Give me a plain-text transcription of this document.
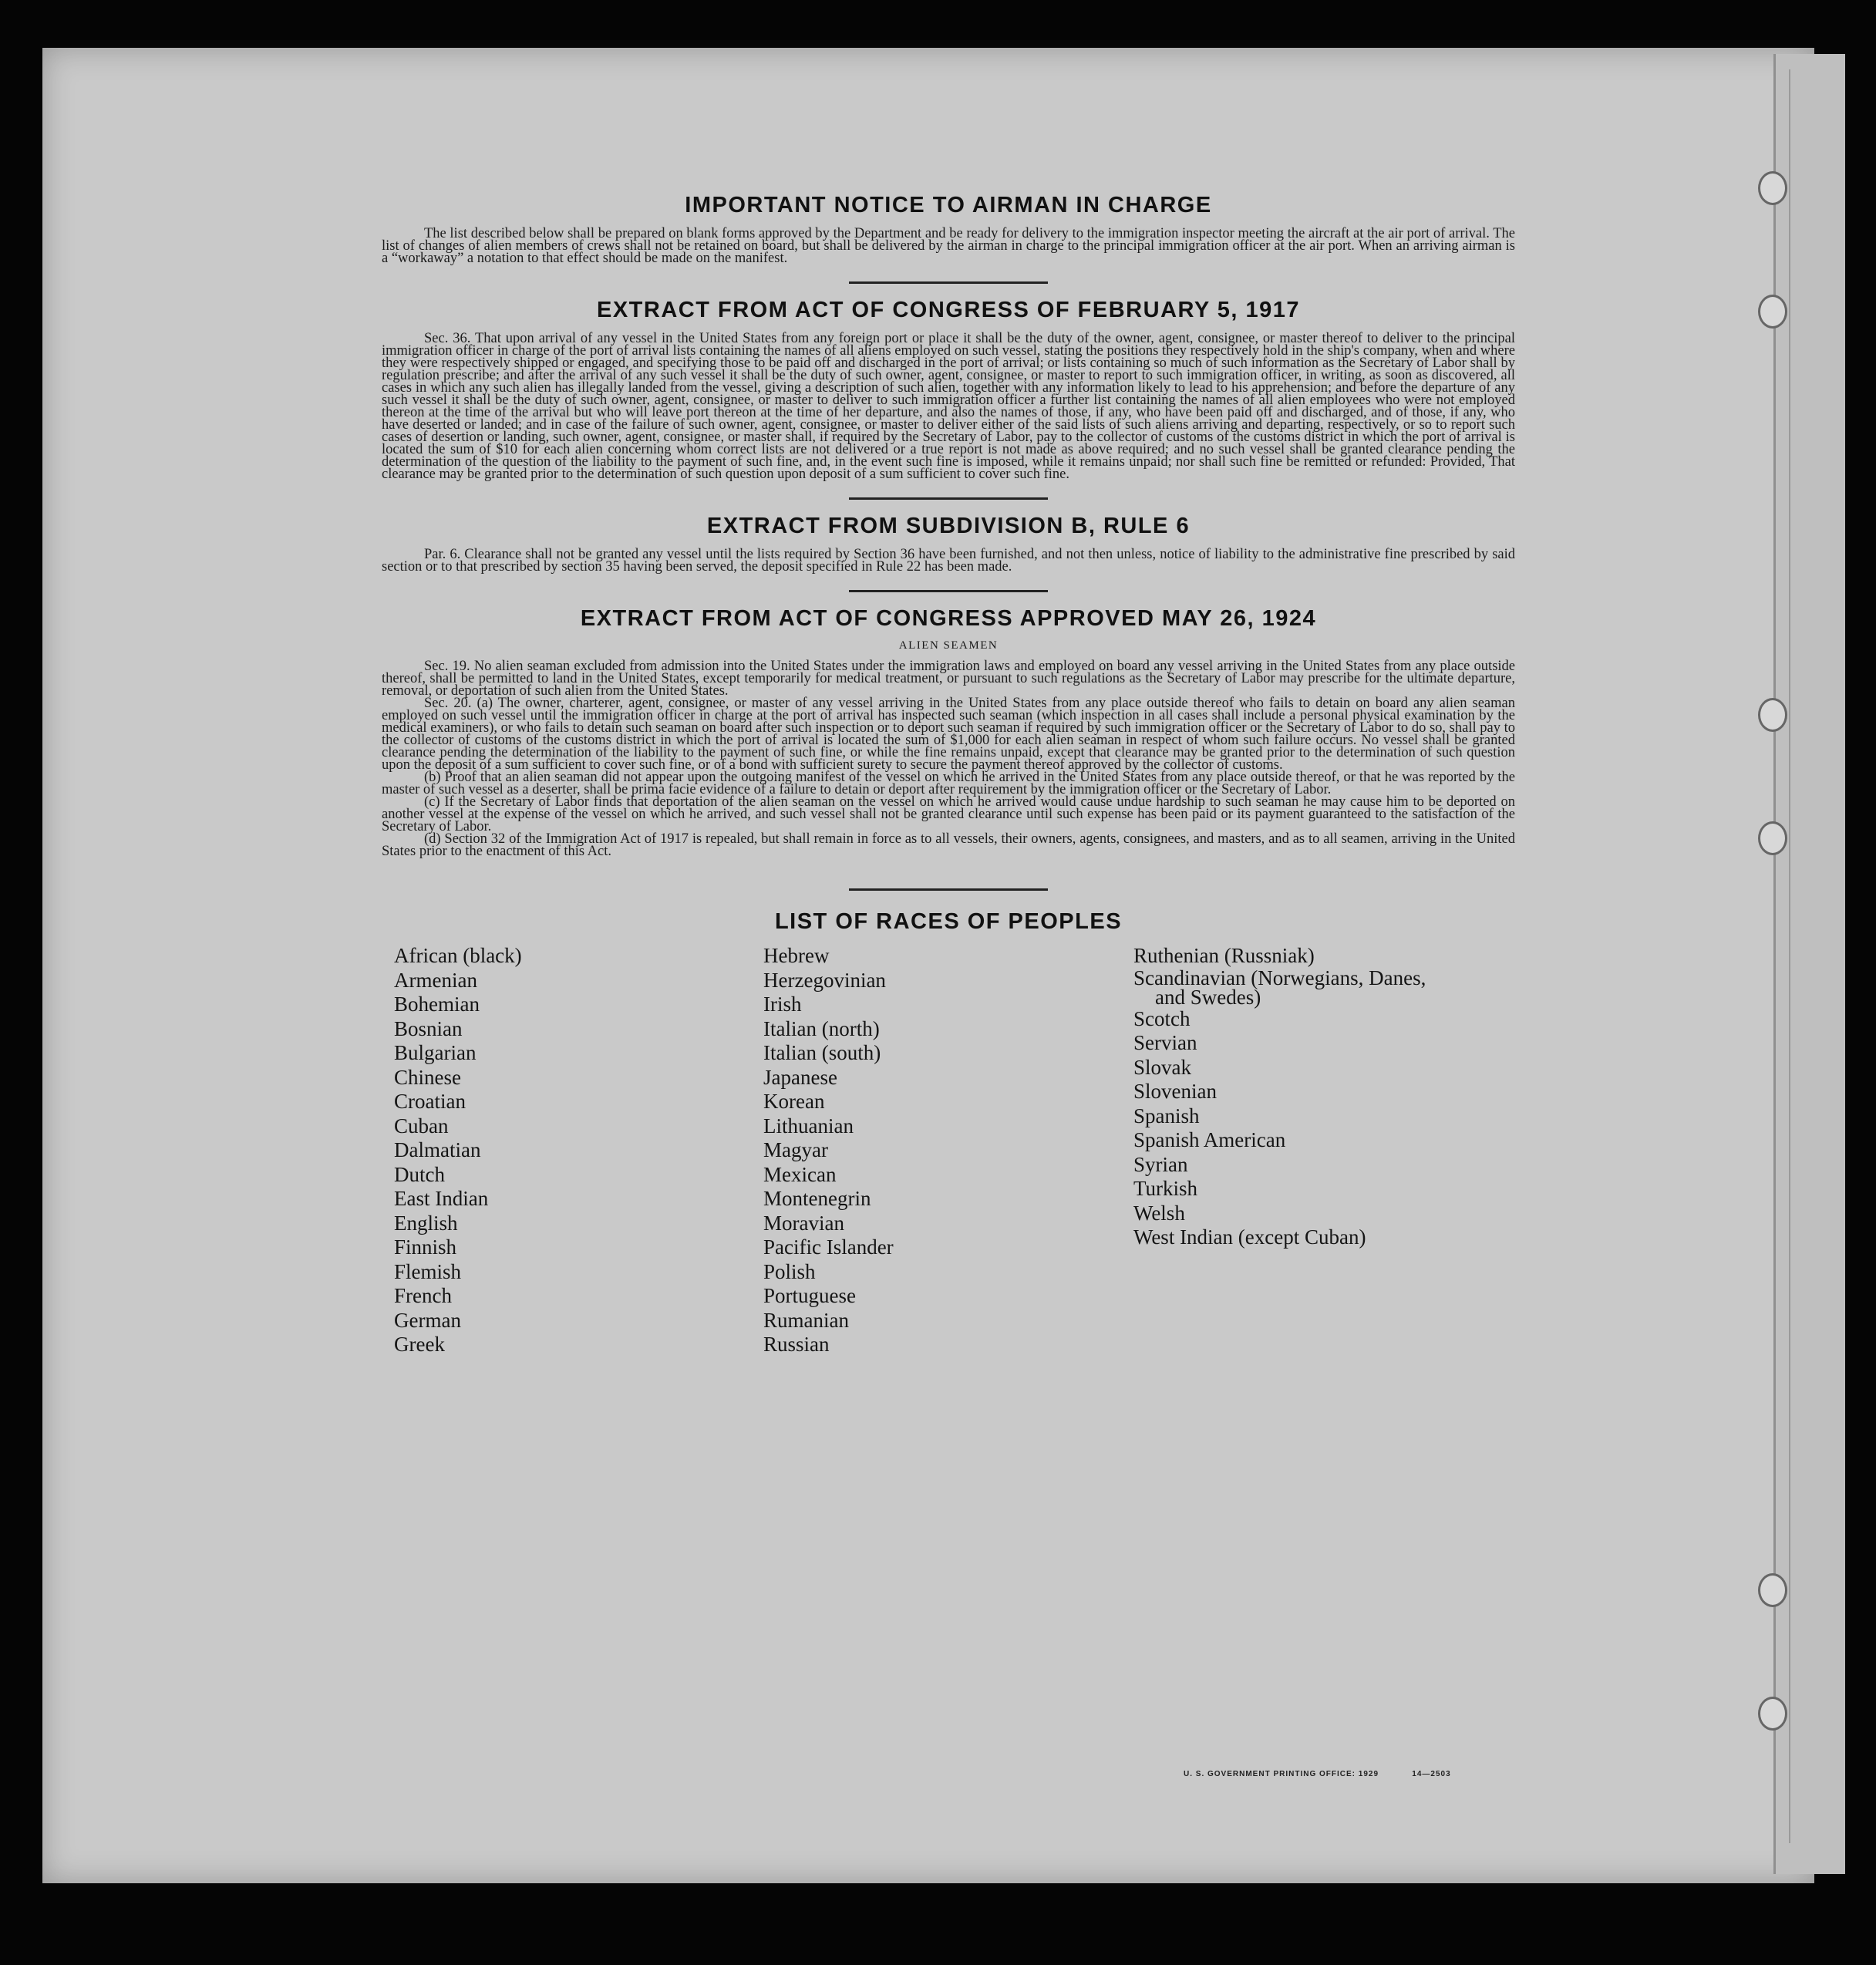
IMPORTANT NOTICE TO AIRMAN IN CHARGE

The list described below shall be prepared on blank forms approved by the Department and be ready for delivery to the immigration inspector meeting the aircraft at the air port of arrival. The list of changes of alien members of crews shall not be retained on board, but shall be delivered by the airman in charge to the principal immigration officer at the air port. When an arriving airman is a “workaway” a notation to that effect should be made on the manifest.

EXTRACT FROM ACT OF CONGRESS OF FEBRUARY 5, 1917

Sec. 36. That upon arrival of any vessel in the United States from any foreign port or place it shall be the duty of the owner, agent, consignee, or master thereof to deliver to the principal immigration officer in charge of the port of arrival lists containing the names of all aliens employed on such vessel, stating the positions they respectively hold in the ship's company, when and where they were respectively shipped or engaged, and specifying those to be paid off and discharged in the port of arrival; or lists containing so much of such information as the Secretary of Labor shall by regulation prescribe; and after the arrival of any such vessel it shall be the duty of such owner, agent, consignee, or master to report to such immigration officer, in writing, as soon as discovered, all cases in which any such alien has illegally landed from the vessel, giving a description of such alien, together with any information likely to lead to his apprehension; and before the departure of any such vessel it shall be the duty of such owner, agent, consignee, or master to deliver to such immigration officer a further list containing the names of all alien employees who were not employed thereon at the time of the arrival but who will leave port thereon at the time of her departure, and also the names of those, if any, who have been paid off and discharged, and of those, if any, who have deserted or landed; and in case of the failure of such owner, agent, consignee, or master to deliver either of the said lists of such aliens arriving and departing, respectively, or so to report such cases of desertion or landing, such owner, agent, consignee, or master shall, if required by the Secretary of Labor, pay to the collector of customs of the customs district in which the port of arrival is located the sum of $10 for each alien concerning whom correct lists are not delivered or a true report is not made as above required; and no such vessel shall be granted clearance pending the determination of the question of the liability to the payment of such fine, and, in the event such fine is imposed, while it remains unpaid; nor shall such fine be remitted or refunded: Provided, That clearance may be granted prior to the determination of such question upon deposit of a sum sufficient to cover such fine.

EXTRACT FROM SUBDIVISION B, RULE 6

Par. 6. Clearance shall not be granted any vessel until the lists required by Section 36 have been furnished, and not then unless, notice of liability to the administrative fine prescribed by said section or to that prescribed by section 35 having been served, the deposit specified in Rule 22 has been made.

EXTRACT FROM ACT OF CONGRESS APPROVED MAY 26, 1924
ALIEN SEAMEN

Sec. 19. No alien seaman excluded from admission into the United States under the immigration laws and employed on board any vessel arriving in the United States from any place outside thereof, shall be permitted to land in the United States, except temporarily for medical treatment, or pursuant to such regulations as the Secretary of Labor may prescribe for the ultimate departure, removal, or deportation of such alien from the United States.

Sec. 20. (a) The owner, charterer, agent, consignee, or master of any vessel arriving in the United States from any place outside thereof who fails to detain on board any alien seaman employed on such vessel until the immigration officer in charge at the port of arrival has inspected such seaman (which inspection in all cases shall include a personal physical examination by the medical examiners), or who fails to detain such seaman on board after such inspection or to deport such seaman if required by such immigration officer or the Secretary of Labor to do so, shall pay to the collector of customs of the customs district in which the port of arrival is located the sum of $1,000 for each alien seaman in respect of whom such failure occurs. No vessel shall be granted clearance pending the determination of the liability to the payment of such fine, or while the fine remains unpaid, except that clearance may be granted prior to the determination of such question upon the deposit of a sum sufficient to cover such fine, or of a bond with sufficient surety to secure the payment thereof approved by the collector of customs.

(b) Proof that an alien seaman did not appear upon the outgoing manifest of the vessel on which he arrived in the United States from any place outside thereof, or that he was reported by the master of such vessel as a deserter, shall be prima facie evidence of a failure to detain or deport after requirement by the immigration officer or the Secretary of Labor.

(c) If the Secretary of Labor finds that deportation of the alien seaman on the vessel on which he arrived would cause undue hardship to such seaman he may cause him to be deported on another vessel at the expense of the vessel on which he arrived, and such vessel shall not be granted clearance until such expense has been paid or its payment guaranteed to the satisfaction of the Secretary of Labor.

(d) Section 32 of the Immigration Act of 1917 is repealed, but shall remain in force as to all vessels, their owners, agents, consignees, and masters, and as to all seamen, arriving in the United States prior to the enactment of this Act.

LIST OF RACES OF PEOPLES
African (black)
Armenian
Bohemian
Bosnian
Bulgarian
Chinese
Croatian
Cuban
Dalmatian
Dutch
East Indian
English
Finnish
Flemish
French
German
Greek
Hebrew
Herzegovinian
Irish
Italian (north)
Italian (south)
Japanese
Korean
Lithuanian
Magyar
Mexican
Montenegrin
Moravian
Pacific Islander
Polish
Portuguese
Rumanian
Russian
Ruthenian (Russniak)
Scandinavian (Norwegians, Danes,
and Swedes)
Scotch
Servian
Slovak
Slovenian
Spanish
Spanish American
Syrian
Turkish
Welsh
West Indian (except Cuban)
U. S. GOVERNMENT PRINTING OFFICE: 1929	14—2503
